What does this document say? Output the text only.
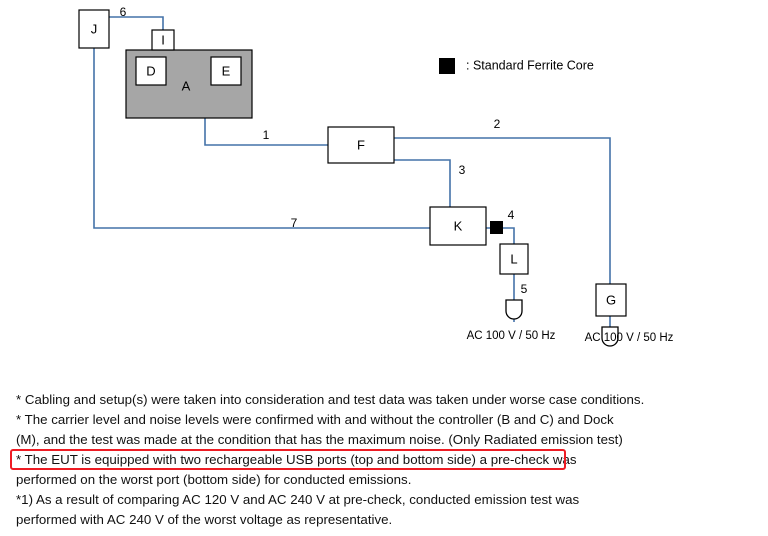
A
D	E
I
J
F
K
L
G
6
1
2
3
7
4
5
: Standard Ferrite Core
AC 100 V / 50 Hz	AC 100 V / 50 Hz
* Cabling and setup(s) were taken into consideration and test data was taken under worse case conditions.
* The carrier level and noise levels were confirmed with and without the controller (B and C) and Dock
(M), and the test was made at the condition that has the maximum noise. (Only Radiated emission test)
* The EUT is equipped with two rechargeable USB ports (top and bottom side) a pre-check was
performed on the worst port (bottom side) for conducted emissions.
*1) As a result of comparing AC 120 V and AC 240 V at pre-check, conducted emission test was
performed with AC 240 V of the worst voltage as representative.
